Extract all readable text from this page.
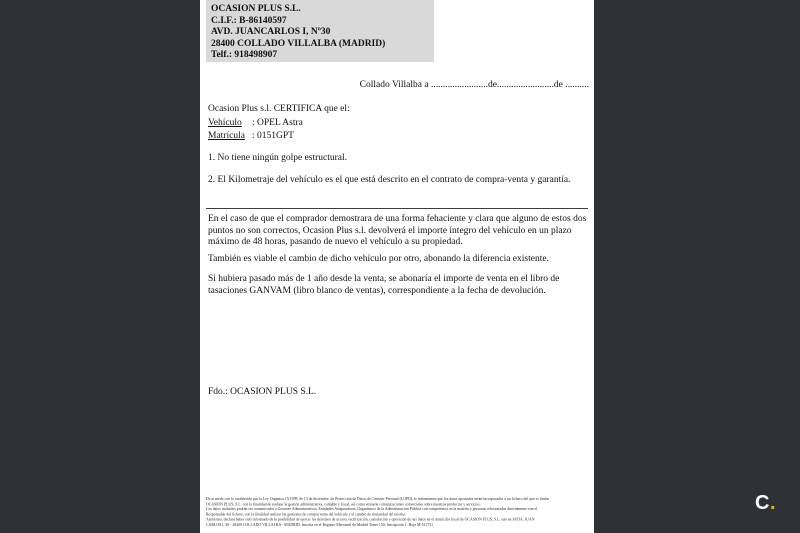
OCASION PLUS S.L.
C.I.F.: B-86140597
AVD. JUANCARLOS I, Nº30
28400 COLLADO VILLALBA (MADRID)
Telf.: 918498907
Collado Villalba a ........................de........................de ..........
Ocasion Plus s.l. CERTIFICA que el:
Vehículo : OPEL Astra
Matrícula : 0151GPT
1. No tiene ningún golpe estructural.
2. El Kilometraje del vehículo es el que está descrito en el contrato de compra-venta y garantía.

En el caso de que el comprador demostrara de una forma fehaciente y clara que alguno de estos dos puntos no son correctos, Ocasion Plus s.l. devolverá el importe íntegro del vehículo en un plazo máximo de 48 horas, pasando de nuevo el vehículo a su propiedad.

También es viable el cambio de dicho vehículo por otro, abonando la diferencia existente.

Si hubiera pasado más de 1 año desde la venta, se abonaría el importe de venta en el libro de tasaciones GANVAM (libro blanco de ventas), correspondiente a la fecha de devolución.

Fdo.: OCASION PLUS S.L.
De acuerdo con lo establecido por la Ley Orgánica 15/1999, de 13 de diciembre, de Protección de Datos de Carácter Personal (LOPD), le informamos que los datos aportados serán incorporados a un fichero del que es titular
OCASIÓN PLUS, S.L. con la finalidad de realizar la gestión administrativa, contable y fiscal, así como enviarle comunicaciones comerciales sobre nuestros productos y servicios.
Los datos incluidos podrán ser comunicados a Gestores Administrativos, Entidades Aseguradoras, Organismos de la Administración Pública con competencia en la materia y personas relacionadas directamente con el
Responsable del fichero, con la finalidad realizar las gestiones de compra venta del vehículo y el cambio de titularidad del mismo.
Asimismo, declara haber sido informado de la posibilidad de ejercer los derechos de acceso, rectificación, cancelación y oposición de sus datos en el domicilio fiscal de OCASIÓN PLUS, S.L. sito en AVDA. JUAN
CARLOS I, 30 - 28400 COLLADO VILLALBA - MADRID. Inscrita en el Registro Mercantil de Madrid Tomo 150, Inscripción 1, Hoja M-511731
C.
